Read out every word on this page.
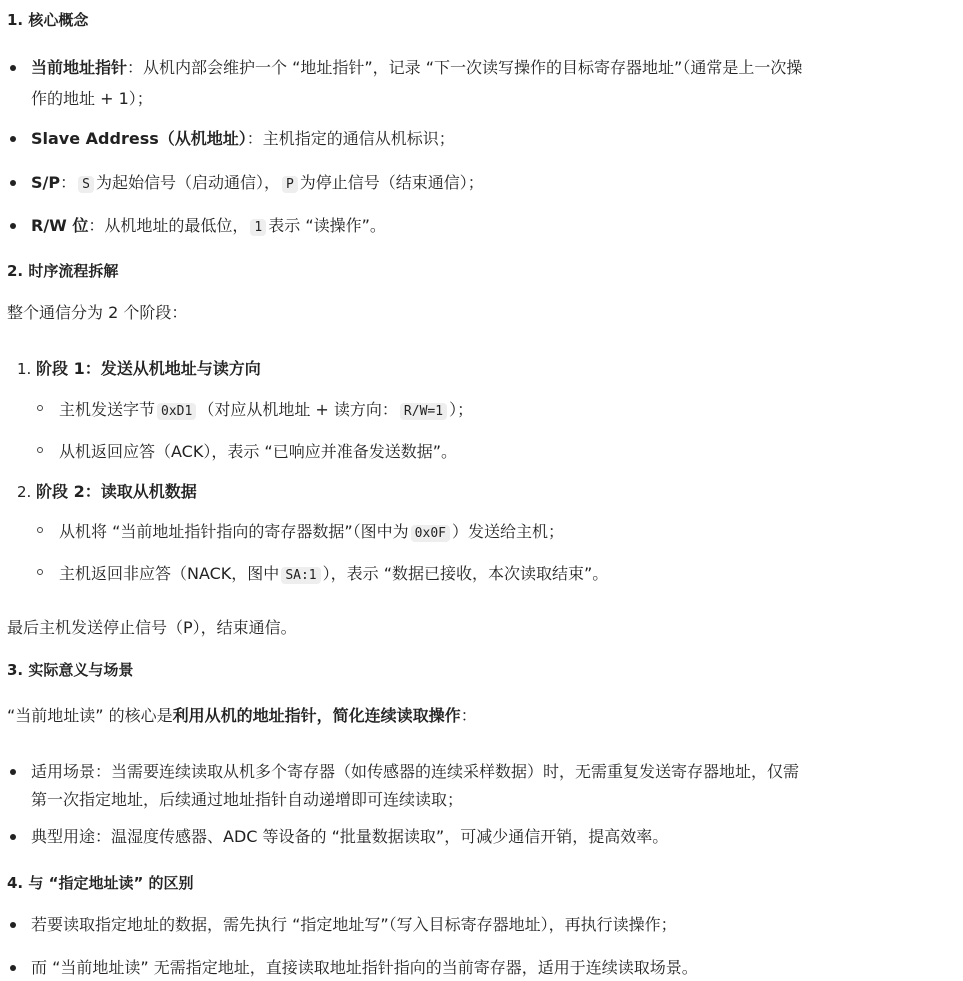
1. 核心概念
当前地址指针：从机内部会维护一个 “地址指针”，记录 “下一次读写操作的目标寄存器地址”（通常是上一次操
作的地址 + 1）；
Slave Address（从机地址）：主机指定的通信从机标识；
S/P： S 为起始信号（启动通信）， P 为停止信号（结束通信）；
R/W 位：从机地址的最低位， 1 表示 “读操作”。
2. 时序流程拆解
整个通信分为 2 个阶段：
1. 阶段 1：发送从机地址与读方向
主机发送字节 0xD1 （对应从机地址 + 读方向： R/W=1 ）；
从机返回应答（ACK），表示 “已响应并准备发送数据”。
2. 阶段 2：读取从机数据
从机将 “当前地址指针指向的寄存器数据”（图中为 0x0F ）发送给主机；
主机返回非应答（NACK，图中 SA:1 ），表示 “数据已接收，本次读取结束”。
最后主机发送停止信号（P），结束通信。
3. 实际意义与场景
“当前地址读” 的核心是利用从机的地址指针，简化连续读取操作：
适用场景：当需要连续读取从机多个寄存器（如传感器的连续采样数据）时，无需重复发送寄存器地址，仅需
第一次指定地址，后续通过地址指针自动递增即可连续读取；
典型用途：温湿度传感器、ADC 等设备的 “批量数据读取”，可减少通信开销，提高效率。
4. 与 “指定地址读” 的区别
若要读取指定地址的数据，需先执行 “指定地址写”（写入目标寄存器地址），再执行读操作；
而 “当前地址读” 无需指定地址，直接读取地址指针指向的当前寄存器，适用于连续读取场景。
